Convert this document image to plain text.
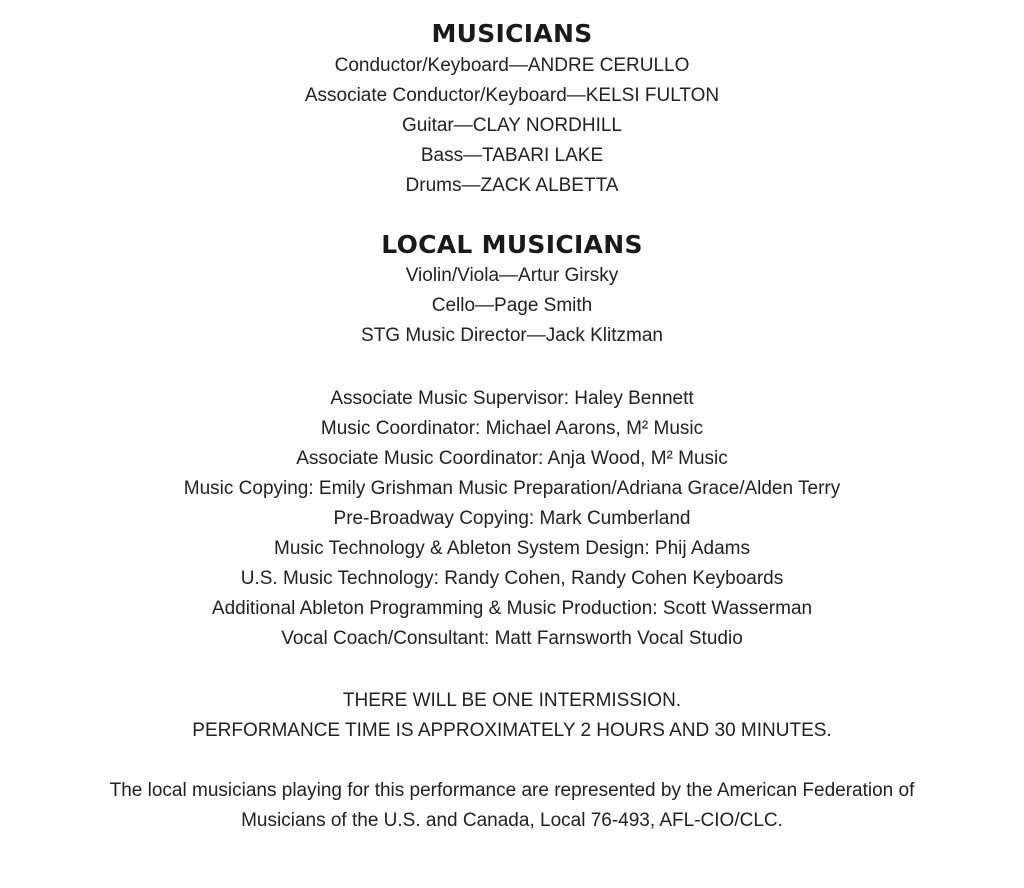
MUSICIANS
Conductor/Keyboard—ANDRE CERULLO
Associate Conductor/Keyboard—KELSI FULTON
Guitar—CLAY NORDHILL
Bass—TABARI LAKE
Drums—ZACK ALBETTA
LOCAL MUSICIANS
Violin/Viola—Artur Girsky
Cello—Page Smith
STG Music Director—Jack Klitzman
Associate Music Supervisor: Haley Bennett
Music Coordinator: Michael Aarons, M² Music
Associate Music Coordinator: Anja Wood, M² Music
Music Copying: Emily Grishman Music Preparation/Adriana Grace/Alden Terry
Pre-Broadway Copying: Mark Cumberland
Music Technology & Ableton System Design: Phij Adams
U.S. Music Technology: Randy Cohen, Randy Cohen Keyboards
Additional Ableton Programming & Music Production: Scott Wasserman
Vocal Coach/Consultant: Matt Farnsworth Vocal Studio
THERE WILL BE ONE INTERMISSION.
PERFORMANCE TIME IS APPROXIMATELY 2 HOURS AND 30 MINUTES.
The local musicians playing for this performance are represented by the American Federation of
Musicians of the U.S. and Canada, Local 76-493, AFL-CIO/CLC.
